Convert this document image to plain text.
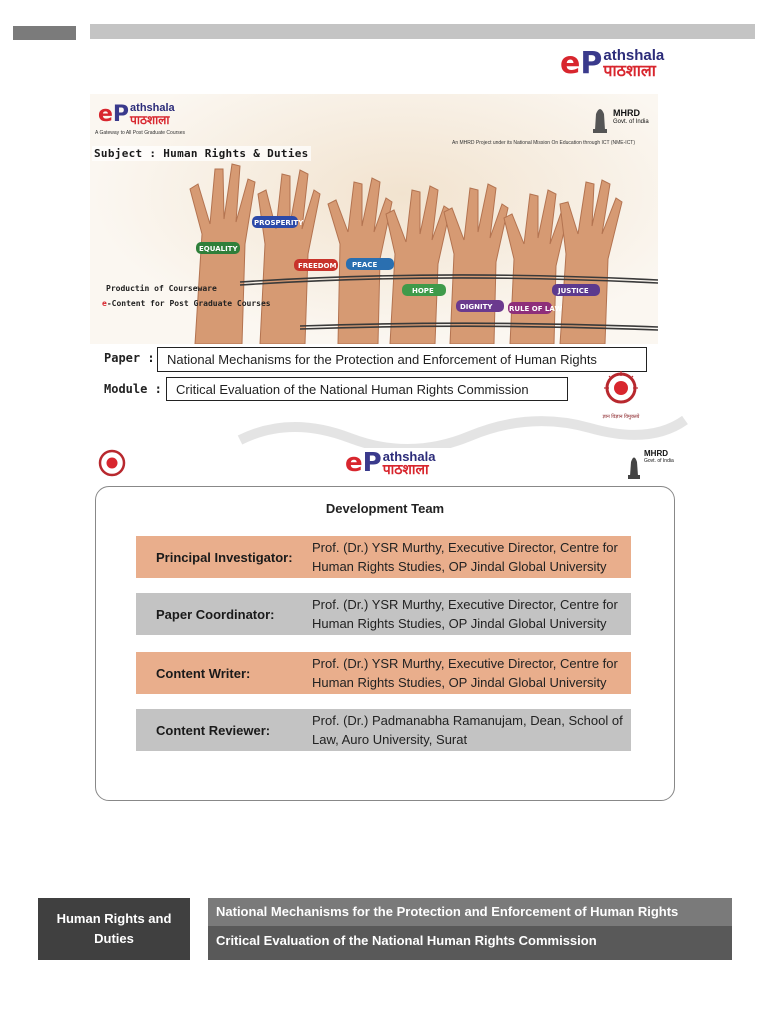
eP athshala
पाठशाला
EQUALITY
PROSPERITY
FREEDOM PEACE
HOPE
DIGNITY RULE OF LAW
JUSTICE
eP athshala
पाठशाला
A Gateway to All Post Graduate Courses
Subject : Human Rights & Duties
MHRD
Govt. of India
An MHRD Project under its National Mission On Education through ICT (NME-ICT)
Productin of Courseware
e-Content for Post Graduate Courses
Paper : National Mechanisms for the Protection and Enforcement of Human Rights
Module :	Critical Evaluation of the National Human Rights Commission
ज्ञान विज्ञान विमुक्तये
eP athshala
पाठशाला
MHRD
Govt. of India
Development Team
Principal Investigator:
Prof. (Dr.) YSR Murthy, Executive Director, Centre for Human Rights Studies, OP Jindal Global University
Paper Coordinator:
Prof. (Dr.) YSR Murthy, Executive Director, Centre for Human Rights Studies, OP Jindal Global University
Content Writer:
Prof. (Dr.) YSR Murthy, Executive Director, Centre for Human Rights Studies, OP Jindal Global University
Content Reviewer:
Prof. (Dr.) Padmanabha Ramanujam, Dean, School of Law, Auro University, Surat
Human Rights and Duties
National Mechanisms for the Protection and Enforcement of Human Rights
Critical Evaluation of the National Human Rights Commission
